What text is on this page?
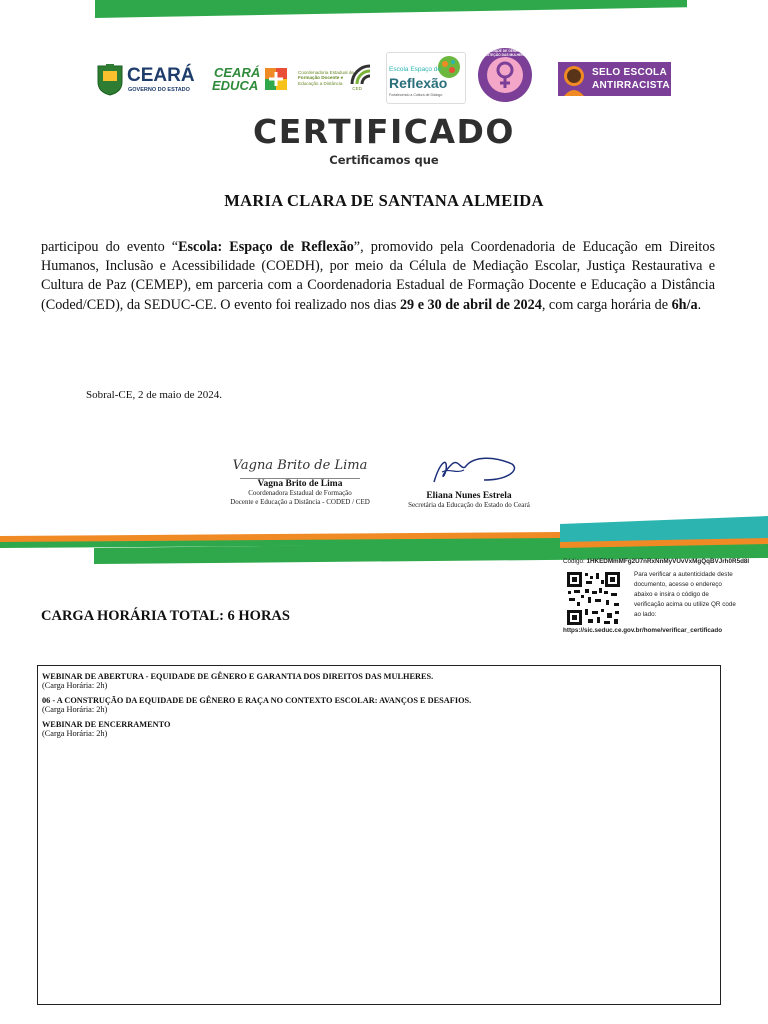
CEARÁ
GOVERNO DO ESTADO
CEARÁ
EDUCA
Coordenadoria Estadual de
Formação Docente e
Educação a Distância
CED
Escola Espaço de
Reflexão
Fortalecendo a Cultura de Diálogo
EQUIDADE DE GÊNERO E PROTEÇÃO DAS MULHERES
SELO ESCOLA
ANTIRRACISTA
CERTIFICADO
Certificamos que
MARIA CLARA DE SANTANA ALMEIDA
participou do evento “Escola: Espaço de Reflexão”, promovido pela Coordenadoria de Educação em Direitos Humanos, Inclusão e Acessibilidade (COEDH), por meio da Célula de Mediação Escolar, Justiça Restaurativa e Cultura de Paz (CEMEP), em parceria com a Coordenadoria Estadual de Formação Docente e Educação a Distância (Coded/CED), da SEDUC-CE. O evento foi realizado nos dias 29 e 30 de abril de 2024, com carga horária de 6h/a.
Sobral-CE, 2 de maio de 2024.
Vagna Brito de Lima
Vagna Brito de Lima
Coordenadora Estadual de Formação
Docente e Educação a Distância - CODED / CED
Eliana Nunes Estrela
Secretária da Educação do Estado do Ceará
Código: 1HKEDMmMFg2U7nRxNnMyVUvVxMgQqBVJrh0R5d8l
Para verificar a autenticidade deste
documento, acesse o endereço
abaixo e insira o código de
verificação acima ou utilize QR code
ao lado:
https://sic.seduc.ce.gov.br/home/verificar_certificado
CARGA HORÁRIA TOTAL: 6 HORAS
WEBINAR DE ABERTURA - EQUIDADE DE GÊNERO E GARANTIA DOS DIREITOS DAS MULHERES.
(Carga Horária: 2h)
06 - A CONSTRUÇÃO DA EQUIDADE DE GÊNERO E RAÇA NO CONTEXTO ESCOLAR: AVANÇOS E DESAFIOS.
(Carga Horária: 2h)
WEBINAR DE ENCERRAMENTO
(Carga Horária: 2h)
